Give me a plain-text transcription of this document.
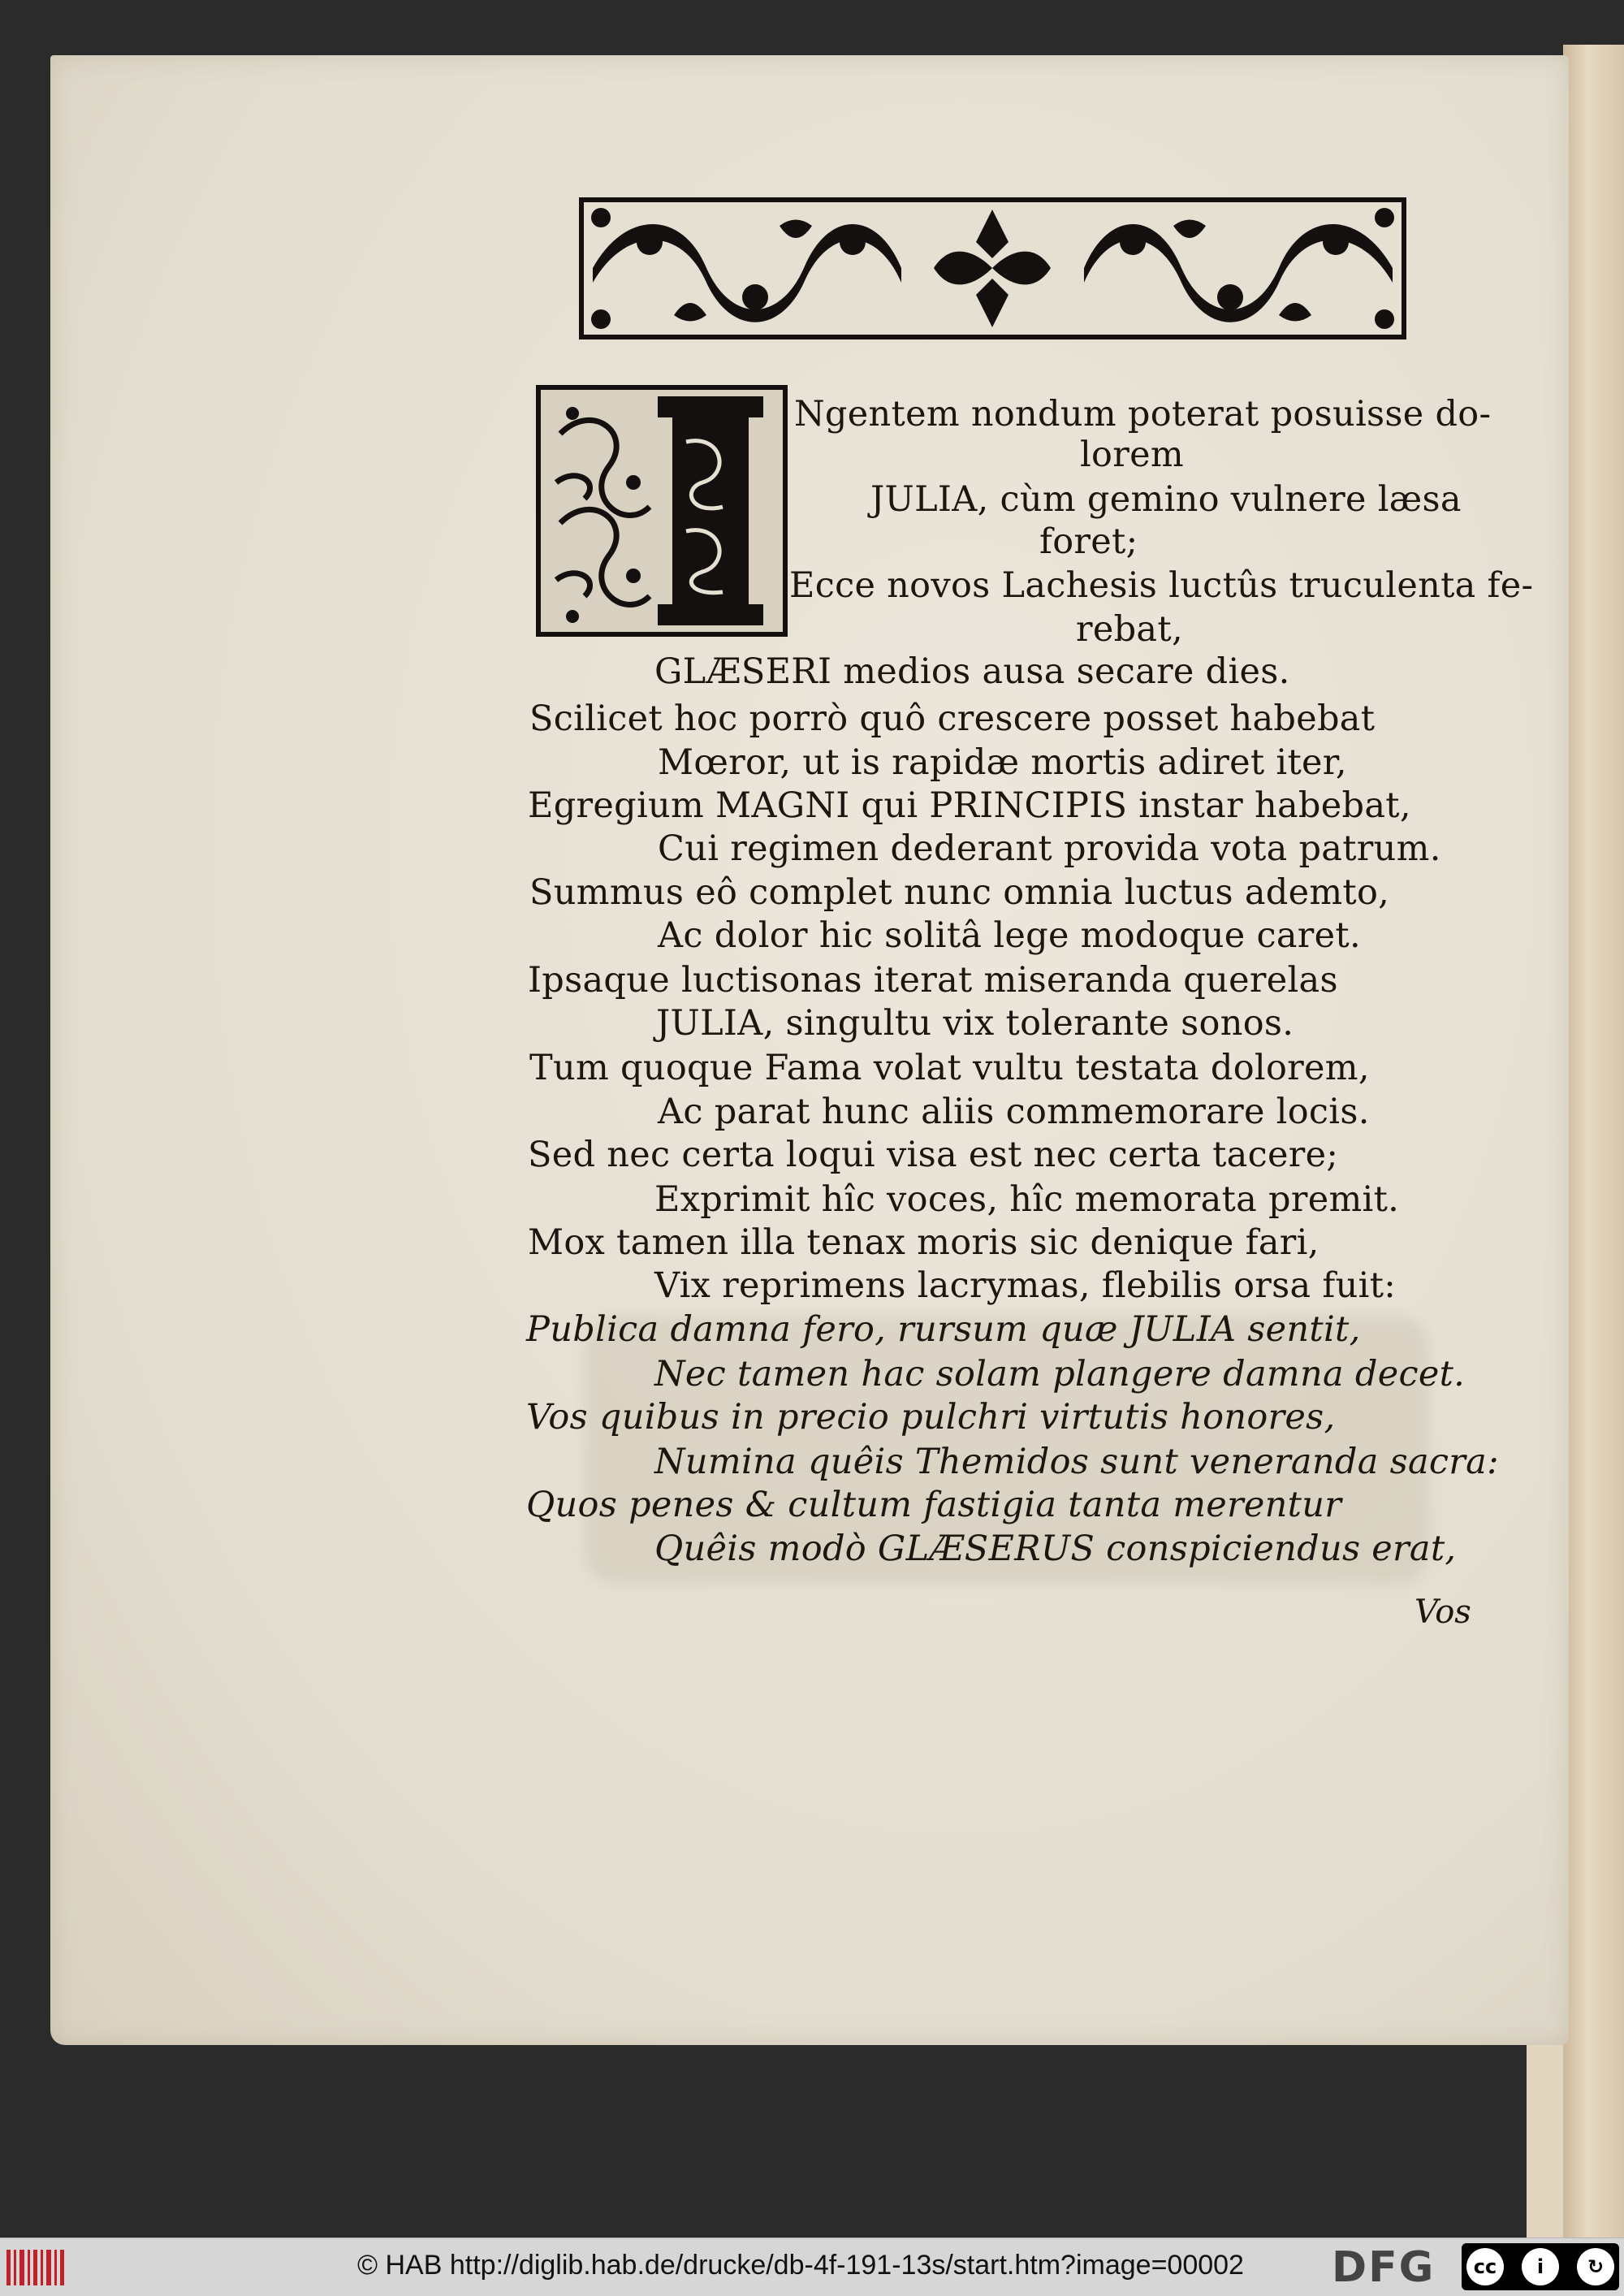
Ngentem nondum poterat posuisse do-

lorem

JULIA, cùm gemino vulnere læsa

foret;

Ecce novos Lachesis luctûs truculenta fe-

rebat,

GLÆSERI medios ausa secare dies.

Scilicet hoc porrò quô crescere posset habebat

Mœror, ut is rapidæ mortis adiret iter,

Egregium MAGNI qui PRINCIPIS instar habebat,

Cui regimen dederant provida vota patrum.

Summus eô complet nunc omnia luctus ademto,

Ac dolor hic solitâ lege modoque caret.

Ipsaque luctisonas iterat miseranda querelas

JULIA, singultu vix tolerante sonos.

Tum quoque Fama volat vultu testata dolorem,

Ac parat hunc aliis commemorare locis.

Sed nec certa loqui visa est nec certa tacere;

Exprimit hîc voces, hîc memorata premit.

Mox tamen illa tenax moris sic denique fari,

Vix reprimens lacrymas, flebilis orsa fuit:

Publica damna fero, rursum quæ JULIA sentit,

Nec tamen hac solam plangere damna decet.

Vos quibus in precio pulchri virtutis honores,

Numina quêis Themidos sunt veneranda sacra:

Quos penes & cultum fastigia tanta merentur

Quêis modò GLÆSERUS conspiciendus erat,

Vos

© HAB http://diglib.hab.de/drucke/db-4f-191-13s/start.htm?image=00002 DFG	cc	i	↻
